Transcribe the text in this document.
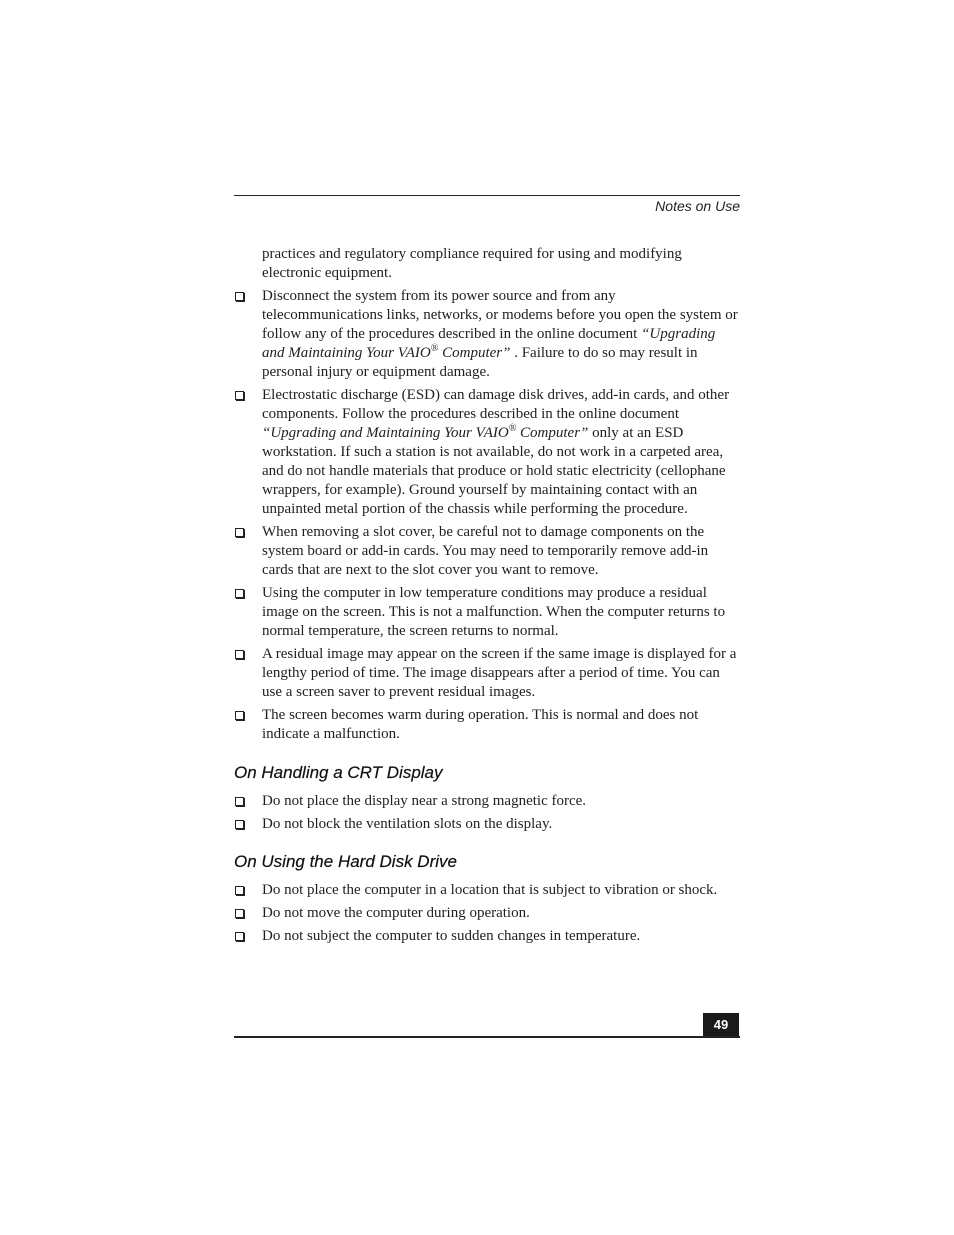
Notes on Use

practices and regulatory compliance required for using and modifying electronic equipment.

Disconnect the system from its power source and from any telecommunications links, networks, or modems before you open the system or follow any of the procedures described in the online document “Upgrading and Maintaining Your VAIO® Computer” . Failure to do so may result in personal injury or equipment damage.
Electrostatic discharge (ESD) can damage disk drives, add-in cards, and other components. Follow the procedures described in the online document “Upgrading and Maintaining Your VAIO® Computer” only at an ESD workstation. If such a station is not available, do not work in a carpeted area, and do not handle materials that produce or hold static electricity (cellophane wrappers, for example). Ground yourself by maintaining contact with an unpainted metal portion of the chassis while performing the procedure.
When removing a slot cover, be careful not to damage components on the system board or add-in cards. You may need to temporarily remove add-in cards that are next to the slot cover you want to remove.
Using the computer in low temperature conditions may produce a residual image on the screen. This is not a malfunction. When the computer returns to normal temperature, the screen returns to normal.
A residual image may appear on the screen if the same image is displayed for a lengthy period of time. The image disappears after a period of time. You can use a screen saver to prevent residual images.
The screen becomes warm during operation. This is normal and does not indicate a malfunction.
On Handling a CRT Display
Do not place the display near a strong magnetic force.
Do not block the ventilation slots on the display.
On Using the Hard Disk Drive
Do not place the computer in a location that is subject to vibration or shock.
Do not move the computer during operation.
Do not subject the computer to sudden changes in temperature.
49
